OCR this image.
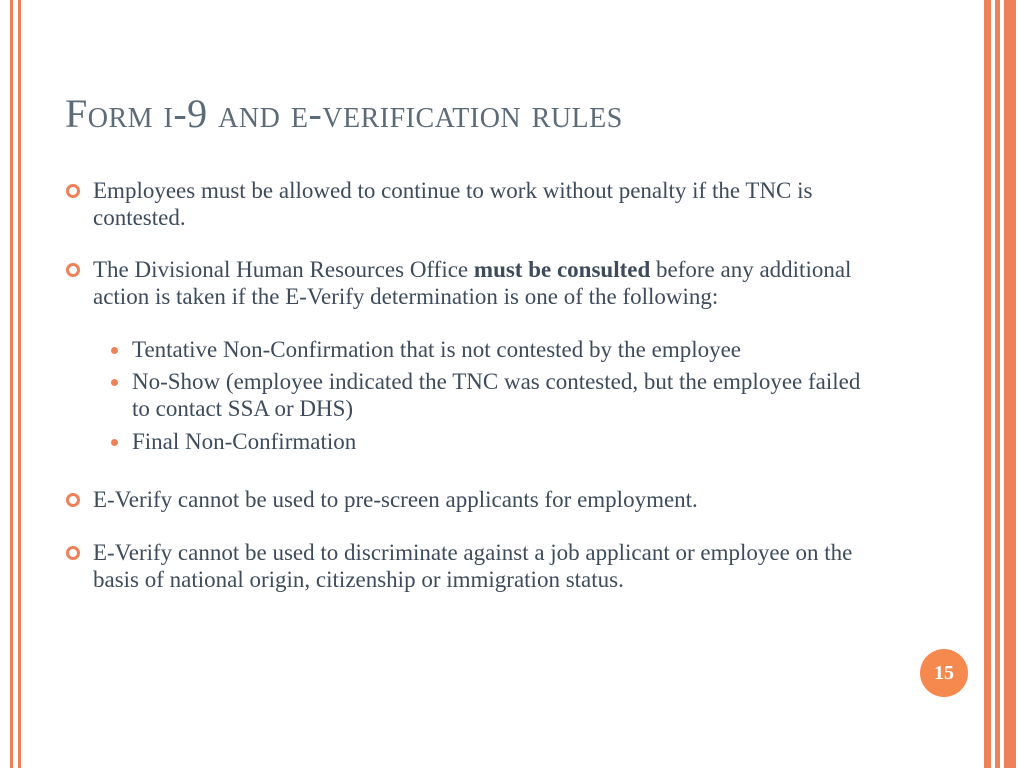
Form i-9 and e-verification rules
Employees must be allowed to continue to work without penalty if the TNC is contested.
The Divisional Human Resources Office must be consulted before any additional action is taken if the E-Verify determination is one of the following:
Tentative Non-Confirmation that is not contested by the employee
No-Show (employee indicated the TNC was contested, but the employee failed to contact SSA or DHS)
Final Non-Confirmation
E-Verify cannot be used to pre-screen applicants for employment.
E-Verify cannot be used to discriminate against a job applicant or employee on the basis of national origin, citizenship or immigration status.
15
